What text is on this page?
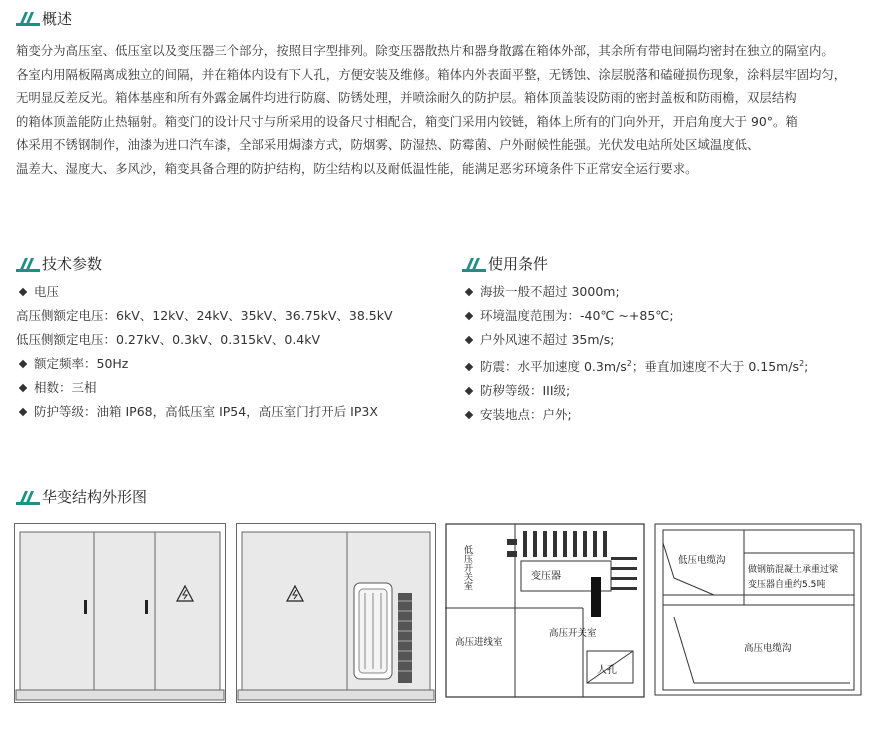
概述
箱变分为高压室、低压室以及变压器三个部分，按照目字型排列。除变压器散热片和器身散露在箱体外部，其余所有带电间隔均密封在独立的隔室内。
各室内用隔板隔离成独立的间隔，并在箱体内设有下人孔，方便安装及维修。箱体内外表面平整，无锈蚀、涂层脱落和磕碰损伤现象，涂料层牢固均匀，
无明显反差反光。箱体基座和所有外露金属件均进行防腐、防锈处理，并喷涂耐久的防护层。箱体顶盖装设防雨的密封盖板和防雨檐，双层结构
的箱体顶盖能防止热辐射。箱变门的设计尺寸与所采用的设备尺寸相配合，箱变门采用内铰链，箱体上所有的门向外开，开启角度大于 90°。箱
体采用不锈钢制作，油漆为进口汽车漆，全部采用焗漆方式，防烟雾、防湿热、防霉菌、户外耐候性能强。光伏发电站所处区域温度低、
温差大、湿度大、多风沙，箱变具备合理的防护结构，防尘结构以及耐低温性能，能满足恶劣环境条件下正常安全运行要求。
技术参数
电压
高压侧额定电压：6kV、12kV、24kV、35kV、36.75kV、38.5kV
低压侧额定电压：0.27kV、0.3kV、0.315kV、0.4kV
额定频率：50Hz
相数：三相
防护等级：油箱 IP68，高低压室 IP54，高压室门打开后 IP3X
使用条件
海拔一般不超过 3000m;
环境温度范围为：-40℃ ~+85℃;
户外风速不超过 35m/s;
防震：水平加速度 $0.3m/s^2$；垂直加速度不大于 $0.15m/s^2$;
防秽等级：III级;
安装地点：户外;
华变结构外形图
低压开关室	变压器
高压进线室
高压开关室
人孔
低压电缆沟
做钢筋混凝土承重过梁
变压器自重约5.5吨
高压电缆沟
